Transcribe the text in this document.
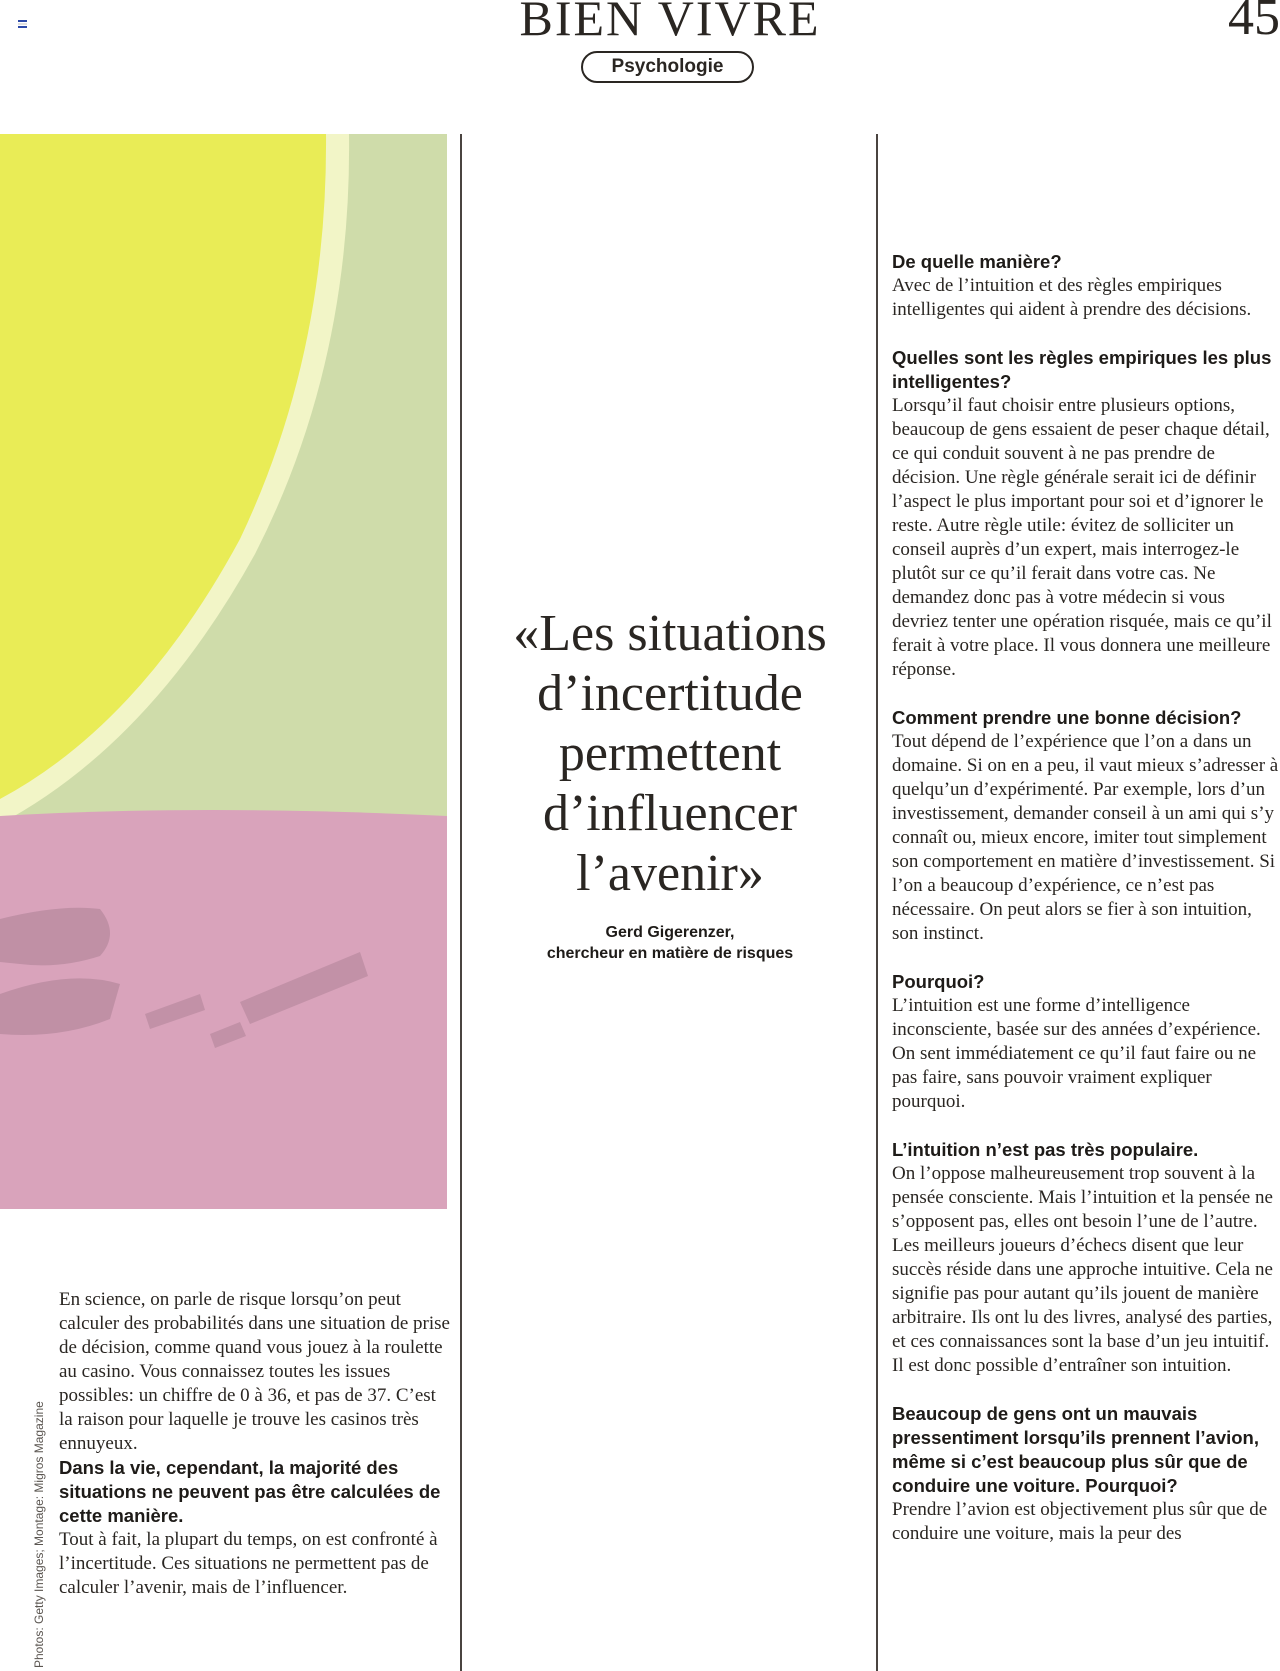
BIEN VIVRE	45
Psychologie
Photos: Getty Images; Montage: Migros Magazine

En science, on parle de risque lorsqu’on peut calculer des probabilités dans une situation de prise de décision, comme quand vous jouez à la roulette au casino. Vous connaissez toutes les issues possibles: un chiffre de 0 à 36, et pas de 37. C’est la raison pour laquelle je trouve les casinos très ennuyeux.

Dans la vie, cependant, la majorité des situations ne peuvent pas être calculées de cette manière.

Tout à fait, la plupart du temps, on est confronté à l’incertitude. Ces situations ne permettent pas de calculer l’avenir, mais de l’influencer.

«Les situations
d’incertitude
permettent
d’influencer
l’avenir»
Gerd Gigerenzer,
chercheur en matière de risques

De quelle manière?

Avec de l’intuition et des règles empiriques intelligentes qui aident à prendre des décisions.

Quelles sont les règles empiriques les plus intelligentes?

Lorsqu’il faut choisir entre plusieurs options, beaucoup de gens essaient de peser chaque détail, ce qui conduit souvent à ne pas prendre de décision. Une règle générale serait ici de définir l’aspect le plus important pour soi et d’ignorer le reste. Autre règle utile: évitez de solliciter un conseil auprès d’un expert, mais interrogez-le plutôt sur ce qu’il ferait dans votre cas. Ne demandez donc pas à votre médecin si vous devriez tenter une opération risquée, mais ce qu’il ferait à votre place. Il vous donnera une meilleure réponse.

Comment prendre une bonne décision?

Tout dépend de l’expérience que l’on a dans un domaine. Si on en a peu, il vaut mieux s’adresser à quelqu’un d’expérimenté. Par exemple, lors d’un investissement, demander conseil à un ami qui s’y connaît ou, mieux encore, imiter tout simplement son comportement en matière d’investissement. Si l’on a beaucoup d’expérience, ce n’est pas nécessaire. On peut alors se fier à son intuition, son instinct.

Pourquoi?

L’intuition est une forme d’intelligence inconsciente, basée sur des années d’expérience. On sent immédiatement ce qu’il faut faire ou ne pas faire, sans pouvoir vraiment expliquer pourquoi.

L’intuition n’est pas très populaire.

On l’oppose malheureusement trop souvent à la pensée consciente. Mais l’intuition et la pensée ne s’opposent pas, elles ont besoin l’une de l’autre. Les meilleurs joueurs d’échecs disent que leur succès réside dans une approche intuitive. Cela ne signifie pas pour autant qu’ils jouent de manière arbitraire. Ils ont lu des livres, analysé des parties, et ces connaissances sont la base d’un jeu intuitif. Il est donc possible d’entraîner son intuition.

Beaucoup de gens ont un mauvais pressentiment lorsqu’ils prennent l’avion, même si c’est beaucoup plus sûr que de conduire une voiture. Pourquoi?

Prendre l’avion est objectivement plus sûr que de conduire une voiture, mais la peur des
